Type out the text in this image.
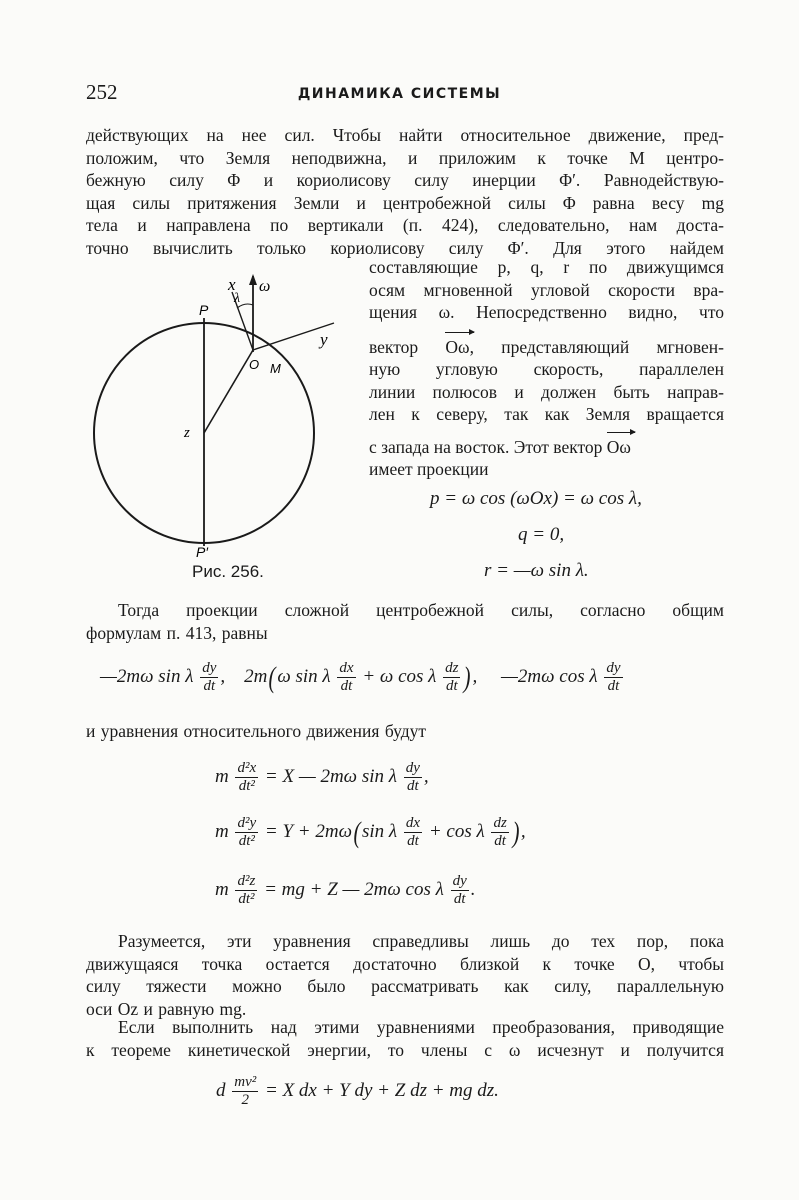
252	ДИНАМИКА СИСТЕМЫ
действующих на нее сил. Чтобы найти относительное движение, пред-
положим, что Земля неподвижна, и приложим к точке M центро-
бежную силу Φ и кориолисову силу инерции Φ′. Равнодействую-
щая силы притяжения Земли и центробежной силы Φ равна весу mg
тела и направлена по вертикали (п. 424), следовательно, нам доста-
точно вычислить только кориолисову силу Φ′. Для этого найдем
x ω
P
λ
y
O M
z
P′
Рис. 256.
составляющие p, q, r по движущимся
осям мгновенной угловой скорости вра-
щения ω. Непосредственно видно, что
вектор Oω, представляющий мгновен-
ную угловую скорость, параллелен
линии полюсов и должен быть направ-
лен к северу, так как Земля вращается
с запада на восток. Этот вектор Oω
имеет проекции
p = ω cos (ωOx) = ω cos λ,
q = 0,
r = —ω sin λ.
Тогда проекции сложной центробежной силы, согласно общим
формулам п. 413, равны
—2mω sin λ $\frac{dy}{dt}$ ,    2m(ω sin λ $\frac{dx}{dt} + \omega$ cos λ $\frac{dz}{dt}$ ),     —2mω cos λ $\frac{dy}{dt}$
и уравнения относительного движения будут
m $\frac{\text{d²x}}{\text{dt²}} = X$ — 2mω sin λ $\frac{dy}{dt}$ ,
m $\frac{\text{d²y}}{\text{dt²}} = Y + 2m\omega(\sin$ λ $\frac{dx}{dt} + \cos \lambda \frac{dz}{dt}$ ),
m $\frac{\text{d²z}}{\text{dt²}}$ = mg + Z — 2mω cos λ $\frac{dy}{dt}$ .
Разумеется, эти уравнения справедливы лишь до тех пор, пока
движущаяся точка остается достаточно близкой к точке O, чтобы
силу тяжести можно было рассматривать как силу, параллельную
оси Oz и равную mg.
Если выполнить над этими уравнениями преобразования, приводящие
к теореме кинетической энергии, то члены с ω исчезнут и получится
d $\frac{\text{mv²}}{2} = X$ dx + Y dy + Z dz + mg dz.
